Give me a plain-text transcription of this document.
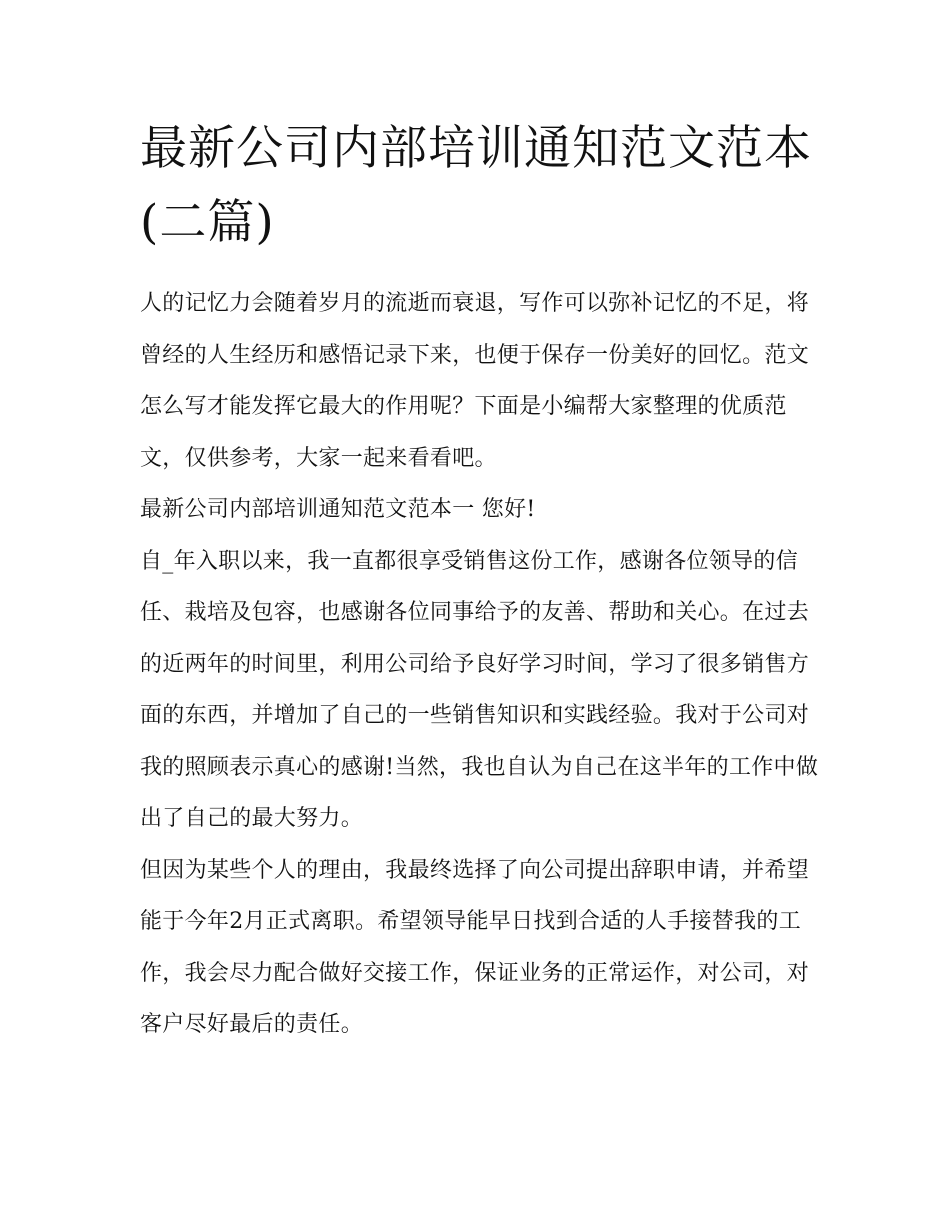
最新公司内部培训通知范文范本(二篇)

人的记忆力会随着岁月的流逝而衰退，写作可以弥补记忆的不足，将曾经的人生经历和感悟记录下来，也便于保存一份美好的回忆。范文怎么写才能发挥它最大的作用呢？下面是小编帮大家整理的优质范文，仅供参考，大家一起来看看吧。

最新公司内部培训通知范文范本一 您好!

自_年入职以来，我一直都很享受销售这份工作，感谢各位领导的信任、栽培及包容，也感谢各位同事给予的友善、帮助和关心。在过去的近两年的时间里，利用公司给予良好学习时间，学习了很多销售方面的东西，并增加了自己的一些销售知识和实践经验。我对于公司对我的照顾表示真心的感谢!当然，我也自认为自己在这半年的工作中做出了自己的最大努力。

但因为某些个人的理由，我最终选择了向公司提出辞职申请，并希望能于今年2月正式离职。希望领导能早日找到合适的人手接替我的工作，我会尽力配合做好交接工作，保证业务的正常运作，对公司，对客户尽好最后的责任。
